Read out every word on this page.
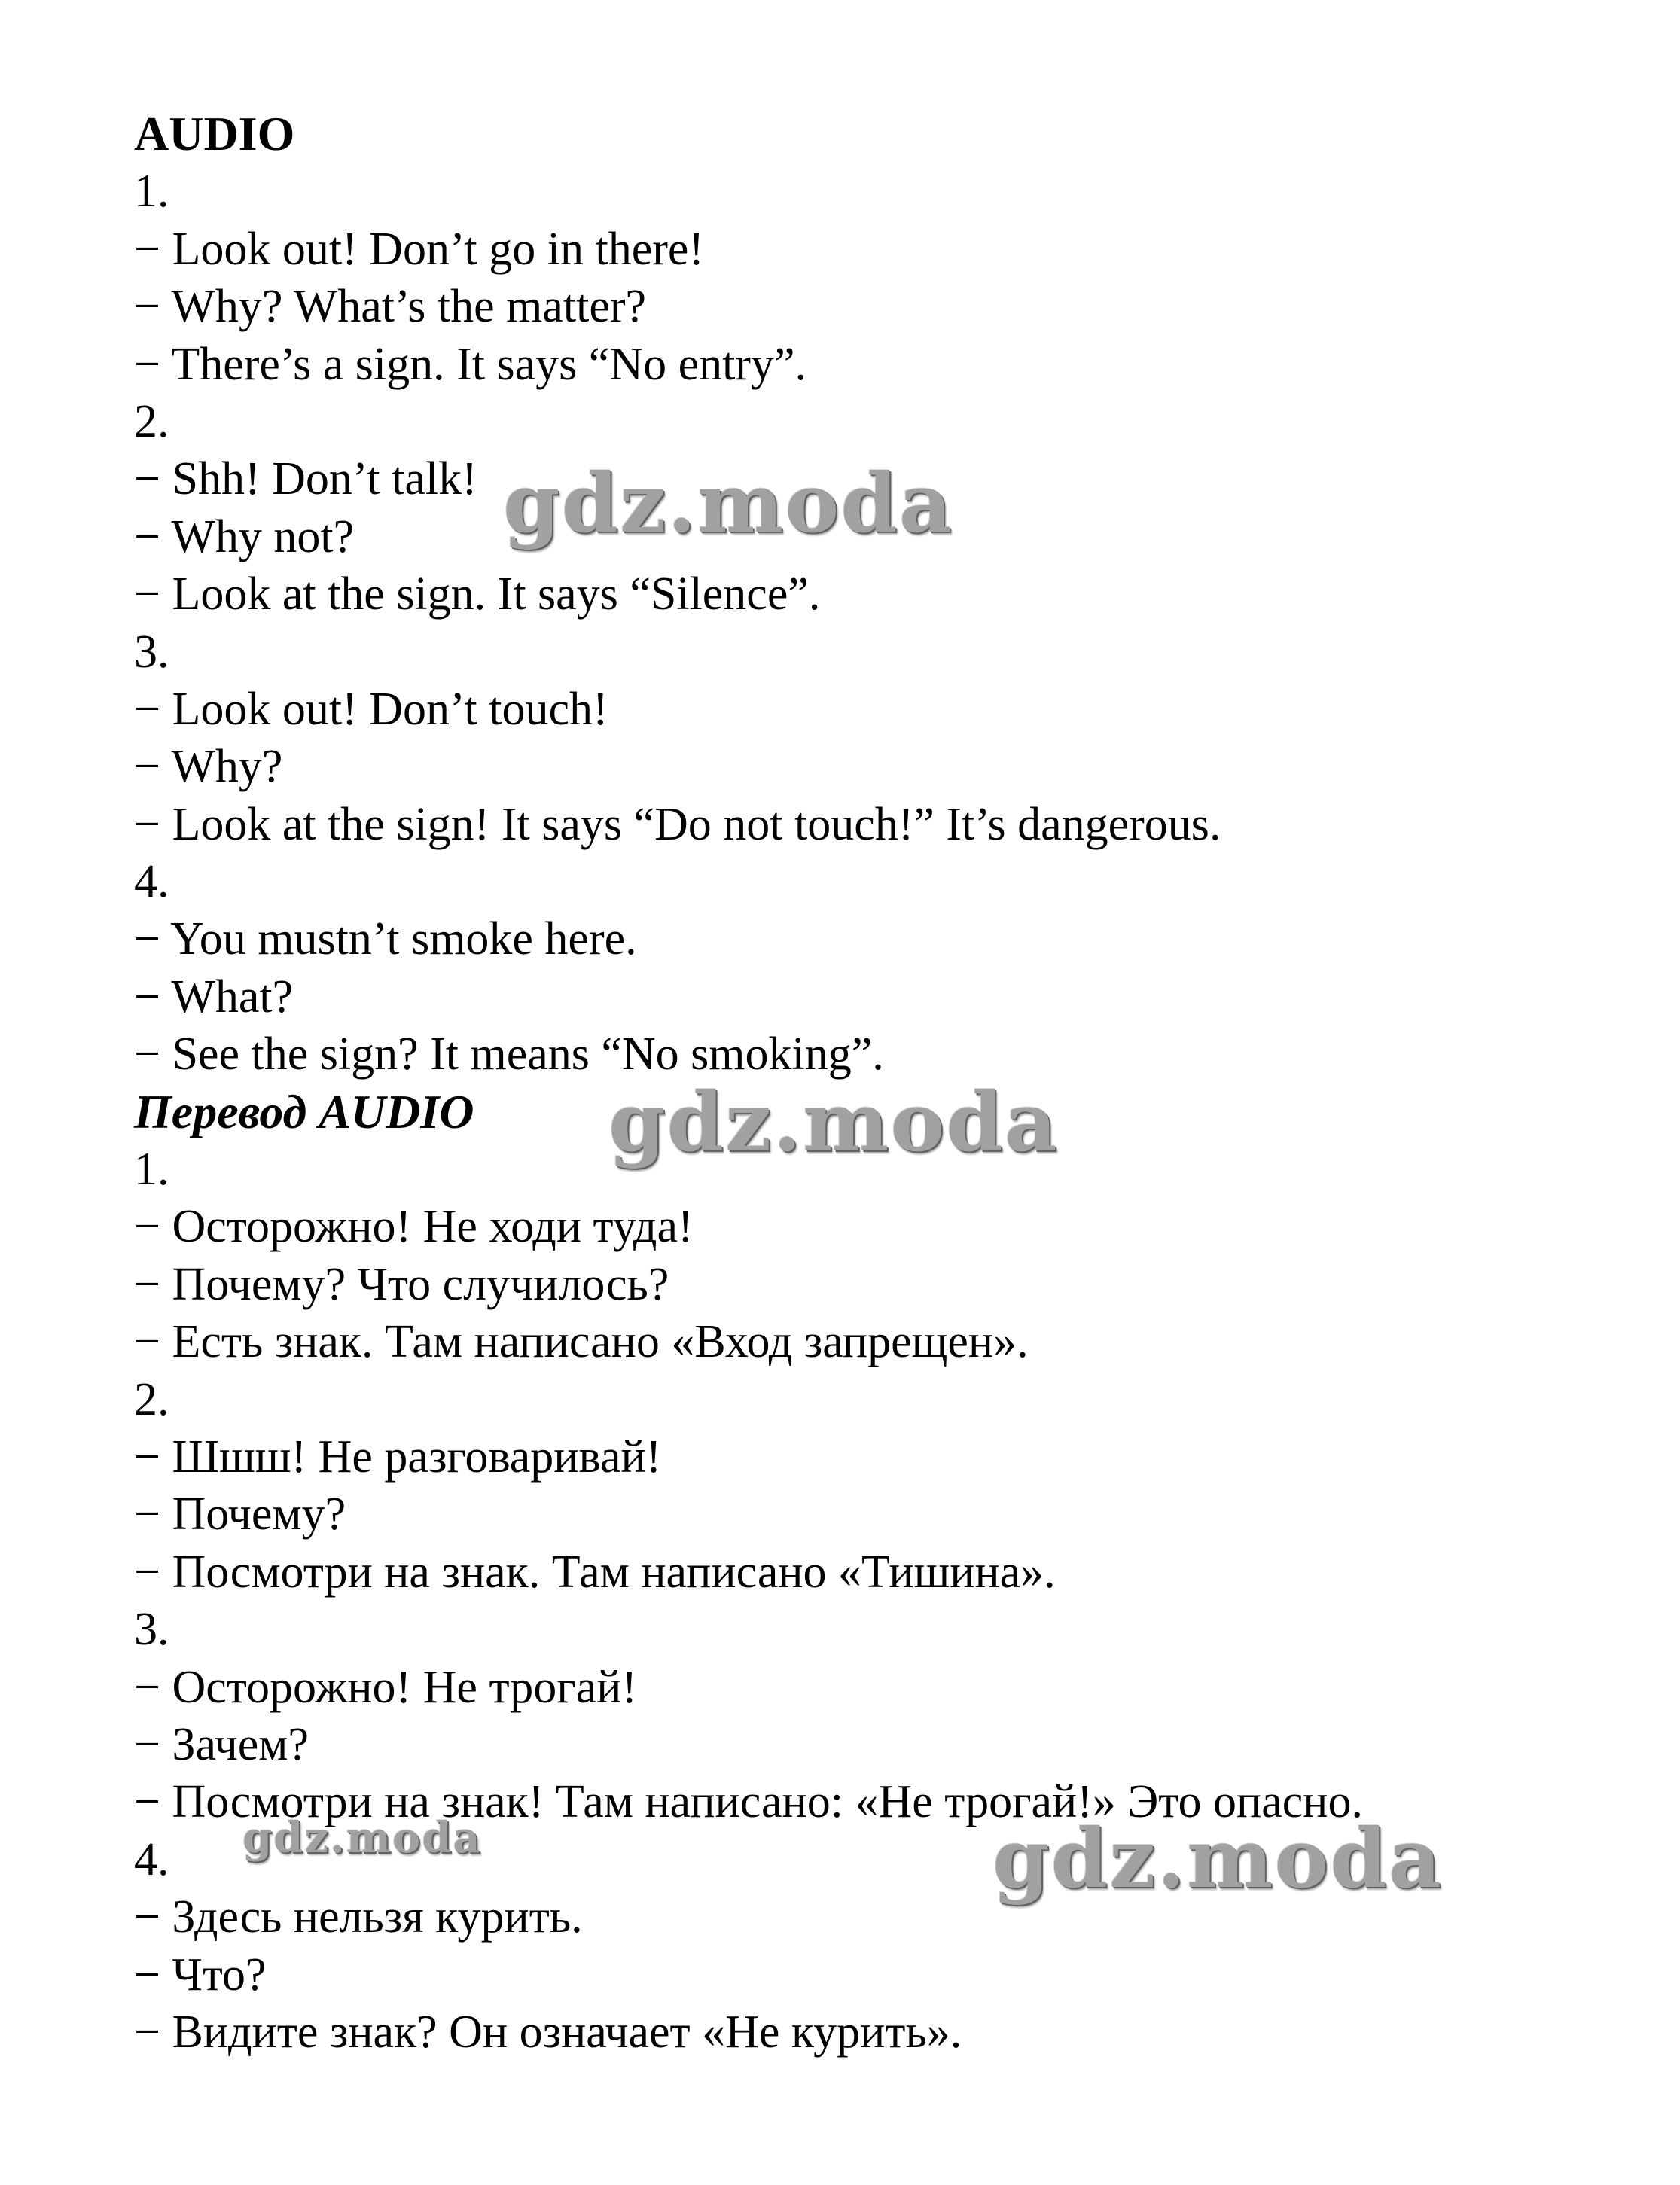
AUDIO
1.
− Look out! Don’t go in there!
− Why? What’s the matter?
− There’s a sign. It says “No entry”.
2.
− Shh! Don’t talk!
− Why not?
− Look at the sign. It says “Silence”.
3.
− Look out! Don’t touch!
− Why?
− Look at the sign! It says “Do not touch!” It’s dangerous.
4.
− You mustn’t smoke here.
− What?
− See the sign? It means “No smoking”.
Перевод AUDIO
1.
− Осторожно! Не ходи туда!
− Почему? Что случилось?
− Есть знак. Там написано «Вход запрещен».
2.
− Шшш! Не разговаривай!
− Почему?
− Посмотри на знак. Там написано «Тишина».
3.
− Осторожно! Не трогай!
− Зачем?
− Посмотри на знак! Там написано: «Не трогай!» Это опасно.
4.
− Здесь нельзя курить.
− Что?
− Видите знак? Он означает «Не курить».
gdz.moda
gdz.moda
gdz.moda	gdz.moda
